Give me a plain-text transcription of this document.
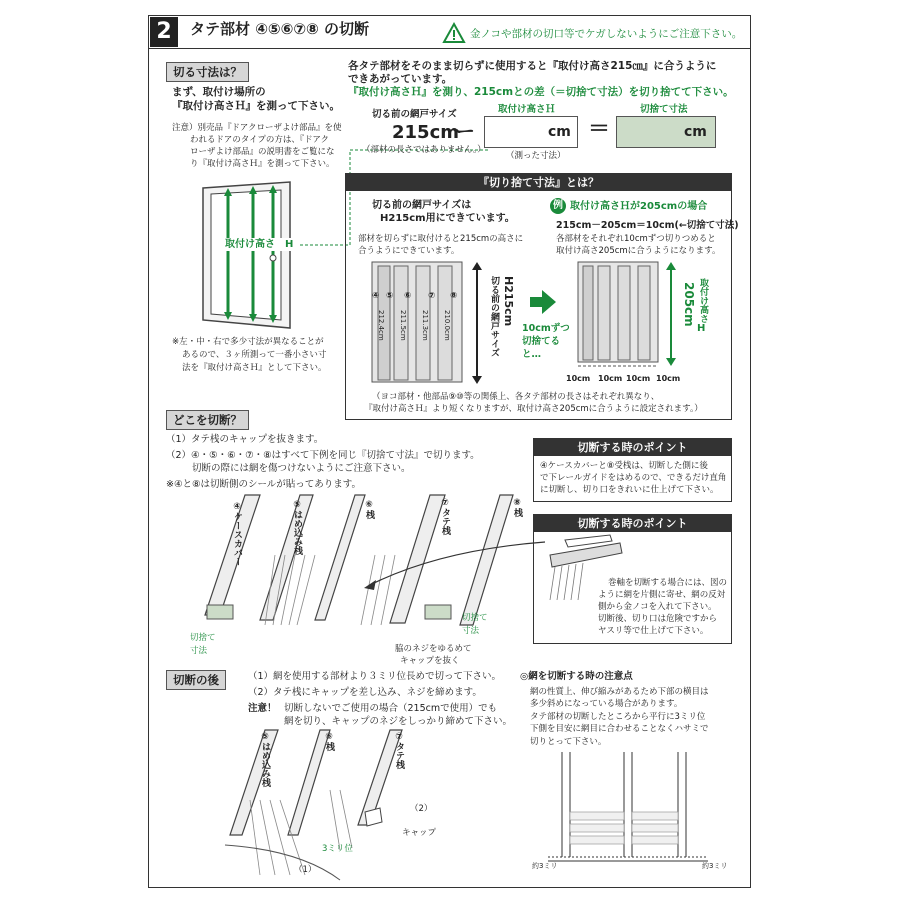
2	タテ部材 ④⑤⑥⑦⑧ の切断	金ノコや部材の切口等でケガしないようにご注意下さい。
切る寸法は？
まず、取付け場所の
『取付け高さＨ』を測って下さい。
注意）別売品『ドアクローザよけ部品』を使
われるドアのタイプの方は、『ドアク
ローザよけ部品』の説明書をご覧にな
り『取付け高さＨ』を測って下さい。
取付け高さ　H
※左・中・右で多少寸法が異なることが
あるので、３ヶ所測って一番小さい寸
法を『取付け高さＨ』として下さい。
各タテ部材をそのまま切らずに使用すると『取付け高さ215㎝』に合うように
できあがっています。
『取付け高さＨ』を測り、215cmとの差（＝切捨て寸法）を切り捨てて下さい。
切る前の網戸サイズ	取付け高さＨ	切捨て寸法
215cm
ー	cm ＝	cm
（部材の長さではありません。）
（測った寸法）
『切り捨て寸法』とは？
切る前の網戸サイズは
H215cm用にできています。
部材を切らずに取付けると215cmの高さに
合うようにできています。
④ ⑤ ⑥ ⑦ ⑧
212.4cm	211.5cm	211.3cm	210.0cm	切る前の網戸サイズ H215cm
10cmずつ
切捨てる
と…
例 取付け高さＨが205cmの場合
215cm－205cm＝10cm(←切捨て寸法)
各部材をそれぞれ10cmずつ切りつめると
取付け高さ205cmに合うようになります。
取付け高さ
205cm
H
10cm 10cm 10cm 10cm
（ヨコ部材・他部品⑨⑩等の関係上、各タテ部材の長さはそれぞれ異なり、
『取付け高さＨ』より短くなりますが、取付け高さ205cmに合うように設定されます。）
どこを切断？
（1）タテ桟のキャップを抜きます。
（2）④・⑤・⑥・⑦・⑧はすべて下例を同じ『切捨て寸法』で切ります。
切断の際には網を傷つけないようにご注意下さい。
※④と⑧は切断側のシールが貼ってあります。
④ケースカバー	⑤はめ込み桟	⑥桟	⑦タテ桟	⑧桟
切捨て寸法
切捨て寸法
脇のネジをゆるめて
キャップを抜く
切断する時のポイント
④ケースカバーと⑧受桟は、切断した側に後
で下レールガイドをはめるので、できるだけ直角
に切断し、切り口をきれいに仕上げて下さい。
切断する時のポイント
巻軸を切断する場合には、図の
ように網を片側に寄せ、網の反対
側から金ノコを入れて下さい。
切断後、切り口は危険ですから
ヤスリ等で仕上げて下さい。
切断の後	（1）網を使用する部材より３ミリ位長めで切って下さい。
（2）タテ桟にキャップを差し込み、ネジを締めます。
注意！ 切断しないでご使用の場合（215cmで使用）でも
網を切り、キャップのネジをしっかり締めて下さい。
⑤はめ込み桟	⑥桟	⑦タテ桟
（2）
キャップ
3ミリ位
（1）
◎網を切断する時の注意点
網の性質上、伸び縮みがあるため下部の横目は
多少斜めになっている場合があります。
タテ部材の切断したところから平行に3ミリ位
下側を目安に網目に合わせることなくハサミで
切りとって下さい。
約3ミリ	約3ミリ
